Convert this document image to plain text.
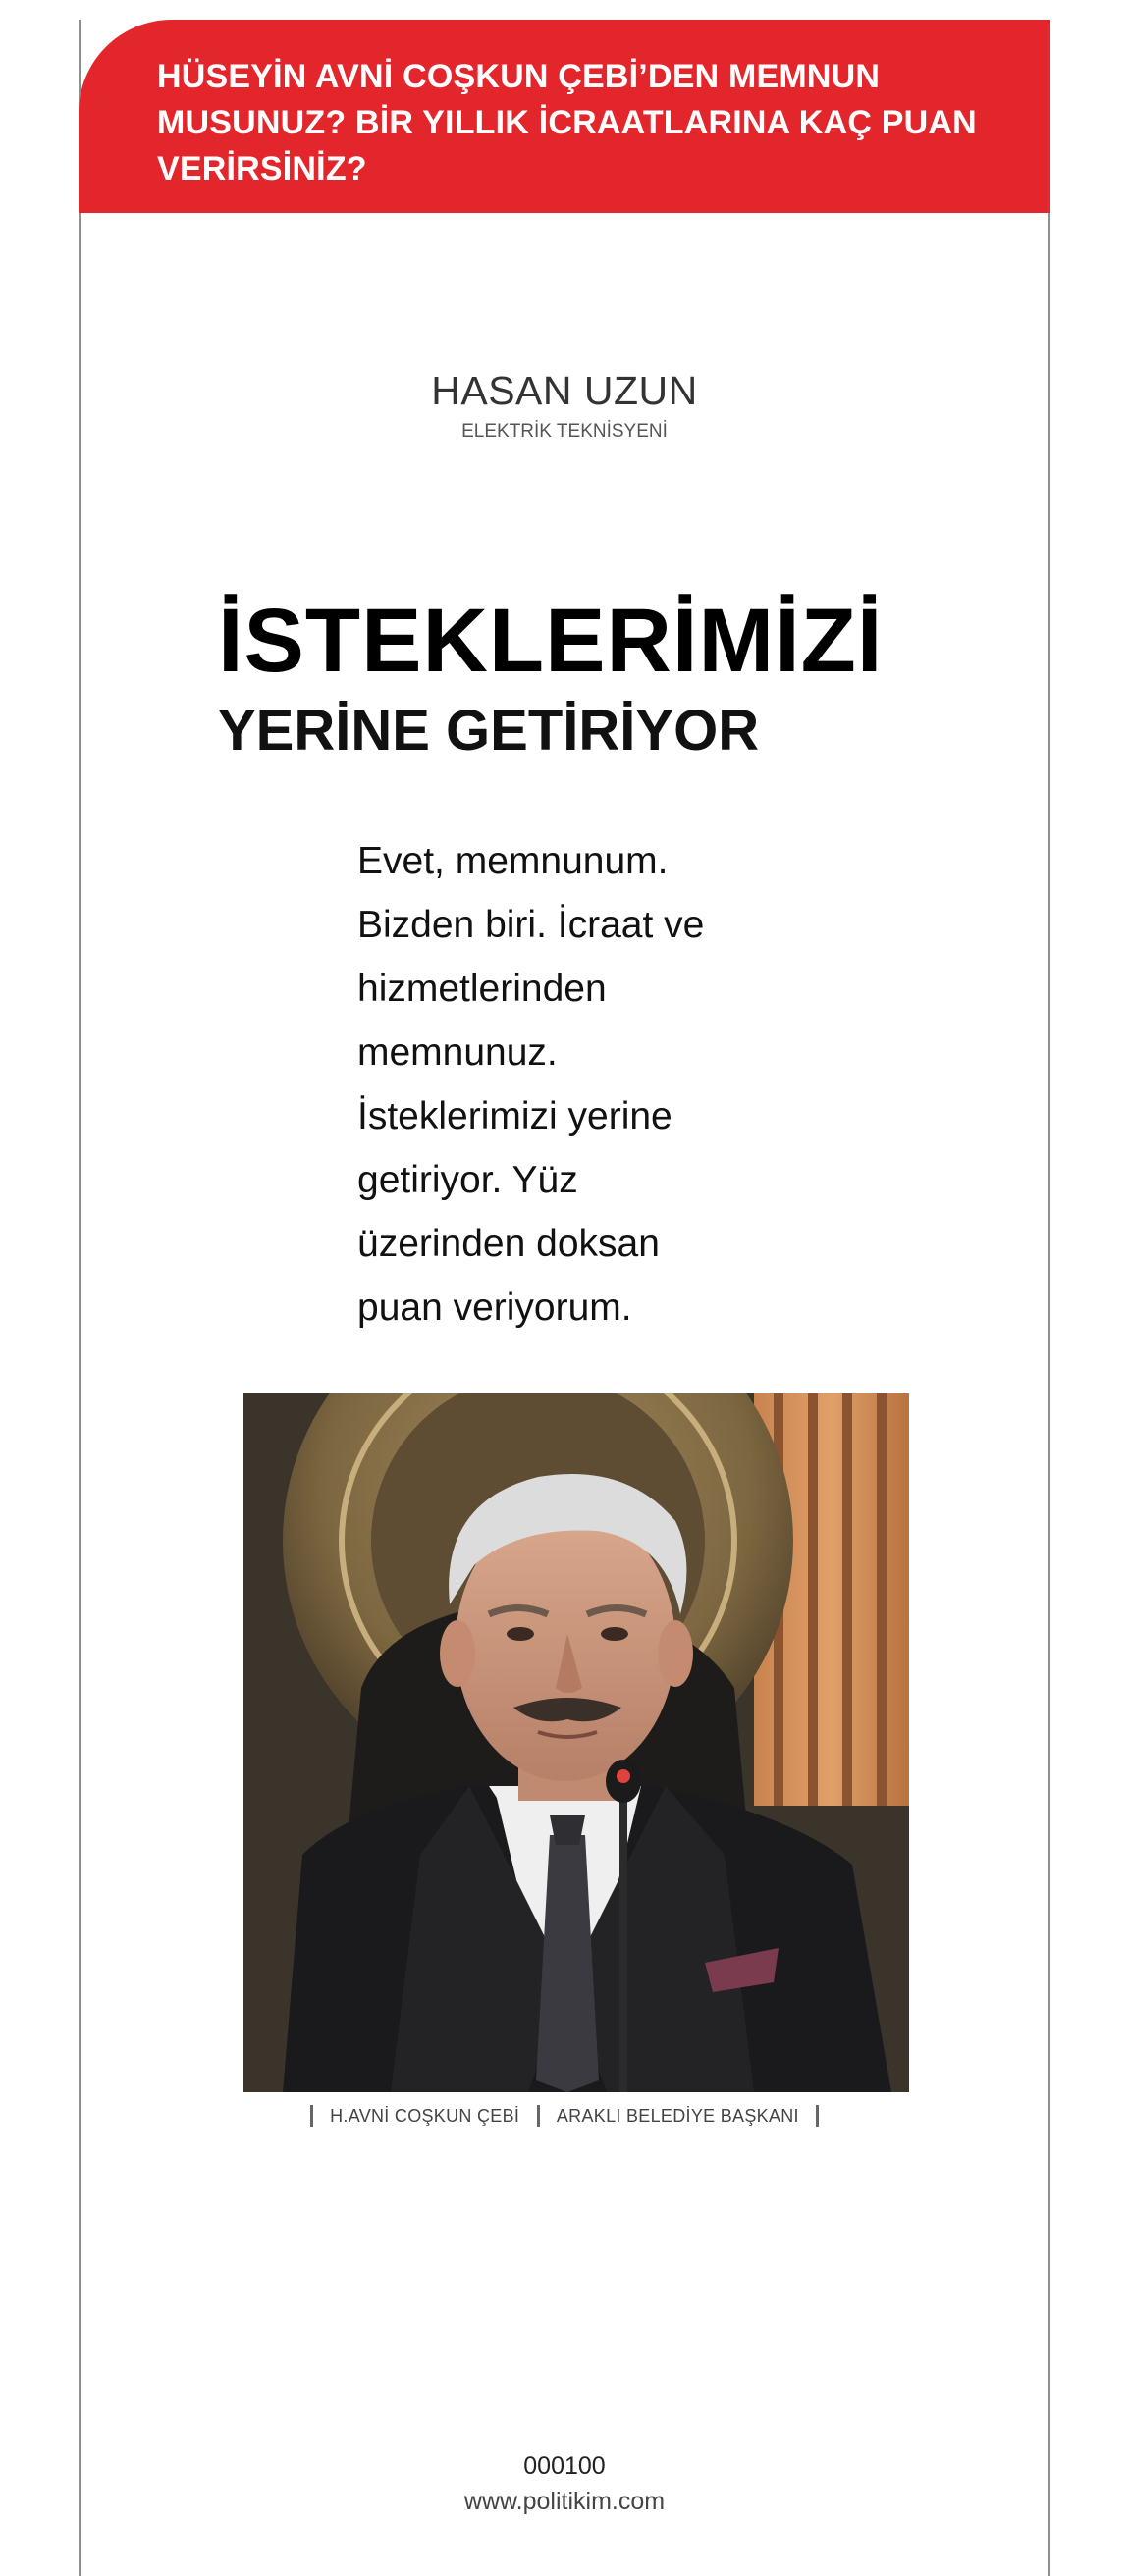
HÜSEYİN AVNİ COŞKUN ÇEBİ’DEN MEMNUN MUSUNUZ? BİR YILLIK İCRAATLARINA KAÇ PUAN VERİRSİNİZ?
HASAN UZUN
ELEKTRİK TEKNİSYENİ
İSTEKLERİMİZİ
YERİNE GETİRİYOR

Evet, memnunum.

Bizden biri. İcraat ve

hizmetlerinden

memnunuz.

İsteklerimizi yerine

getiriyor. Yüz

üzerinden doksan

puan veriyorum.

H.AVNİ COŞKUN ÇEBİ ARAKLI BELEDİYE BAŞKANI
000100
www.politikim.com
